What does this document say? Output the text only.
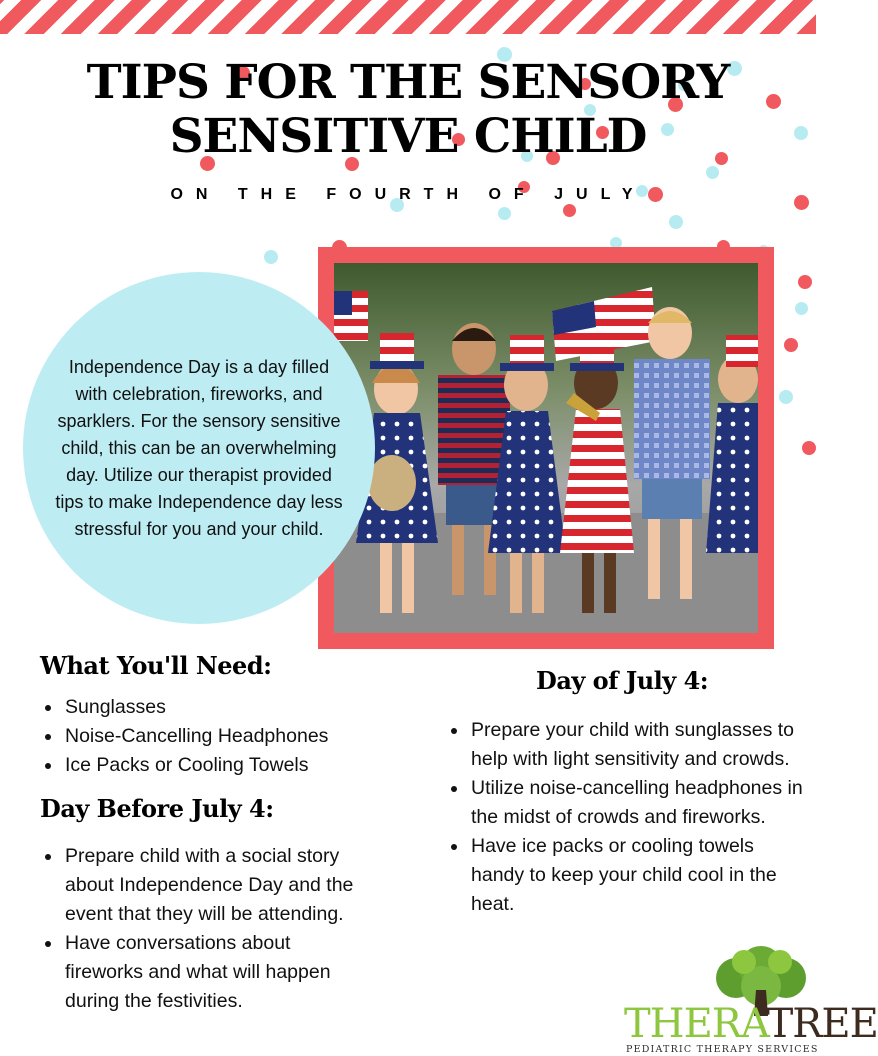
TIPS FOR THE SENSORY
SENSITIVE CHILD
ON THE FOURTH OF JULY
Independence Day is a day filled with celebration, fireworks, and sparklers. For the sensory sensitive child, this can be an overwhelming day. Utilize our therapist provided tips to make Independence day less stressful for you and your child.
What You'll Need:
Sunglasses
Noise-Cancelling Headphones
Ice Packs or Cooling Towels
Day Before July 4:
Prepare child with a social story about Independence Day and the event that they will be attending.
Have conversations about fireworks and what will happen during the festivities.
Day of July 4:
Prepare your child with sunglasses to help with light sensitivity and crowds.
Utilize noise-cancelling headphones in the midst of crowds and fireworks.
Have ice packs or cooling towels handy to keep your child cool in the heat.
THERATREE
PEDIATRIC THERAPY SERVICES
